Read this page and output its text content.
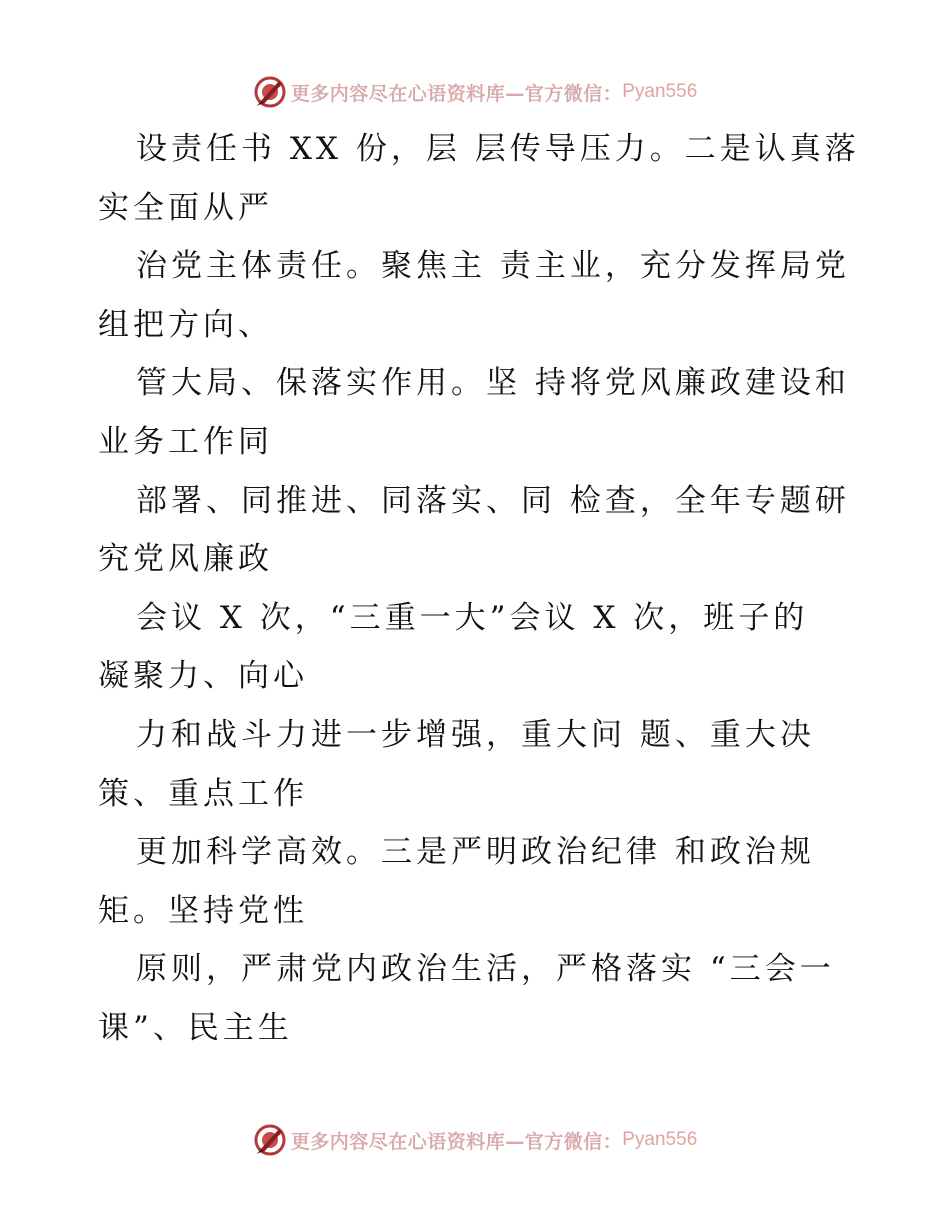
更多内容尽在心语资料库—官方微信： Pyan556
设责任书 XX 份，层 层传导压力。二是认真落
实全面从严
治党主体责任。聚焦主 责主业，充分发挥局党
组把方向、
管大局、保落实作用。坚 持将党风廉政建设和
业务工作同
部署、同推进、同落实、同 检查，全年专题研
究党风廉政
会议 X 次，“三重一大”会议 X 次，班子的
凝聚力、向心
力和战斗力进一步增强，重大问 题、重大决
策、重点工作
更加科学高效。三是严明政治纪律 和政治规
矩。坚持党性
原则，严肃党内政治生活，严格落实 “三会一
课”、民主生
更多内容尽在心语资料库—官方微信： Pyan556
